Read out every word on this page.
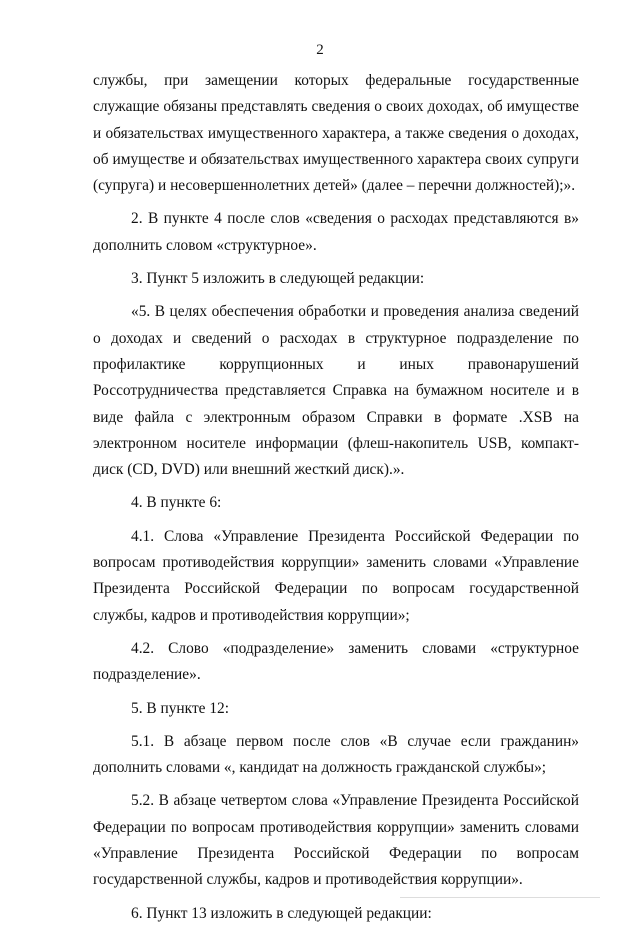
2

службы, при замещении которых федеральные государственные служащие обязаны представлять сведения о своих доходах, об имуществе и обязательствах имущественного характера, а также сведения о доходах, об имуществе и обязательствах имущественного характера своих супруги (супруга) и несовершеннолетних детей» (далее – перечни должностей);».

2. В пункте 4 после слов «сведения о расходах представляются в» дополнить словом «структурное».

3. Пункт 5 изложить в следующей редакции:

«5. В целях обеспечения обработки и проведения анализа сведений о доходах и сведений о расходах в структурное подразделение по профилактике коррупционных и иных правонарушений Россотрудничества представляется Справка на бумажном носителе и в виде файла с электронным образом Справки в формате .XSB на электронном носителе информации (флеш-накопитель USB, компакт-диск (CD, DVD) или внешний жесткий диск).».

4. В пункте 6:

4.1. Слова «Управление Президента Российской Федерации по вопросам противодействия коррупции» заменить словами «Управление Президента Российской Федерации по вопросам государственной службы, кадров и противодействия коррупции»;

4.2. Слово «подразделение» заменить словами «структурное подразделение».

5. В пункте 12:

5.1. В абзаце первом после слов «В случае если гражданин» дополнить словами «, кандидат на должность гражданской службы»;

5.2. В абзаце четвертом слова «Управление Президента Российской Федерации по вопросам противодействия коррупции» заменить словами «Управление Президента Российской Федерации по вопросам государственной службы, кадров и противодействия коррупции».

6. Пункт 13 изложить в следующей редакции:
